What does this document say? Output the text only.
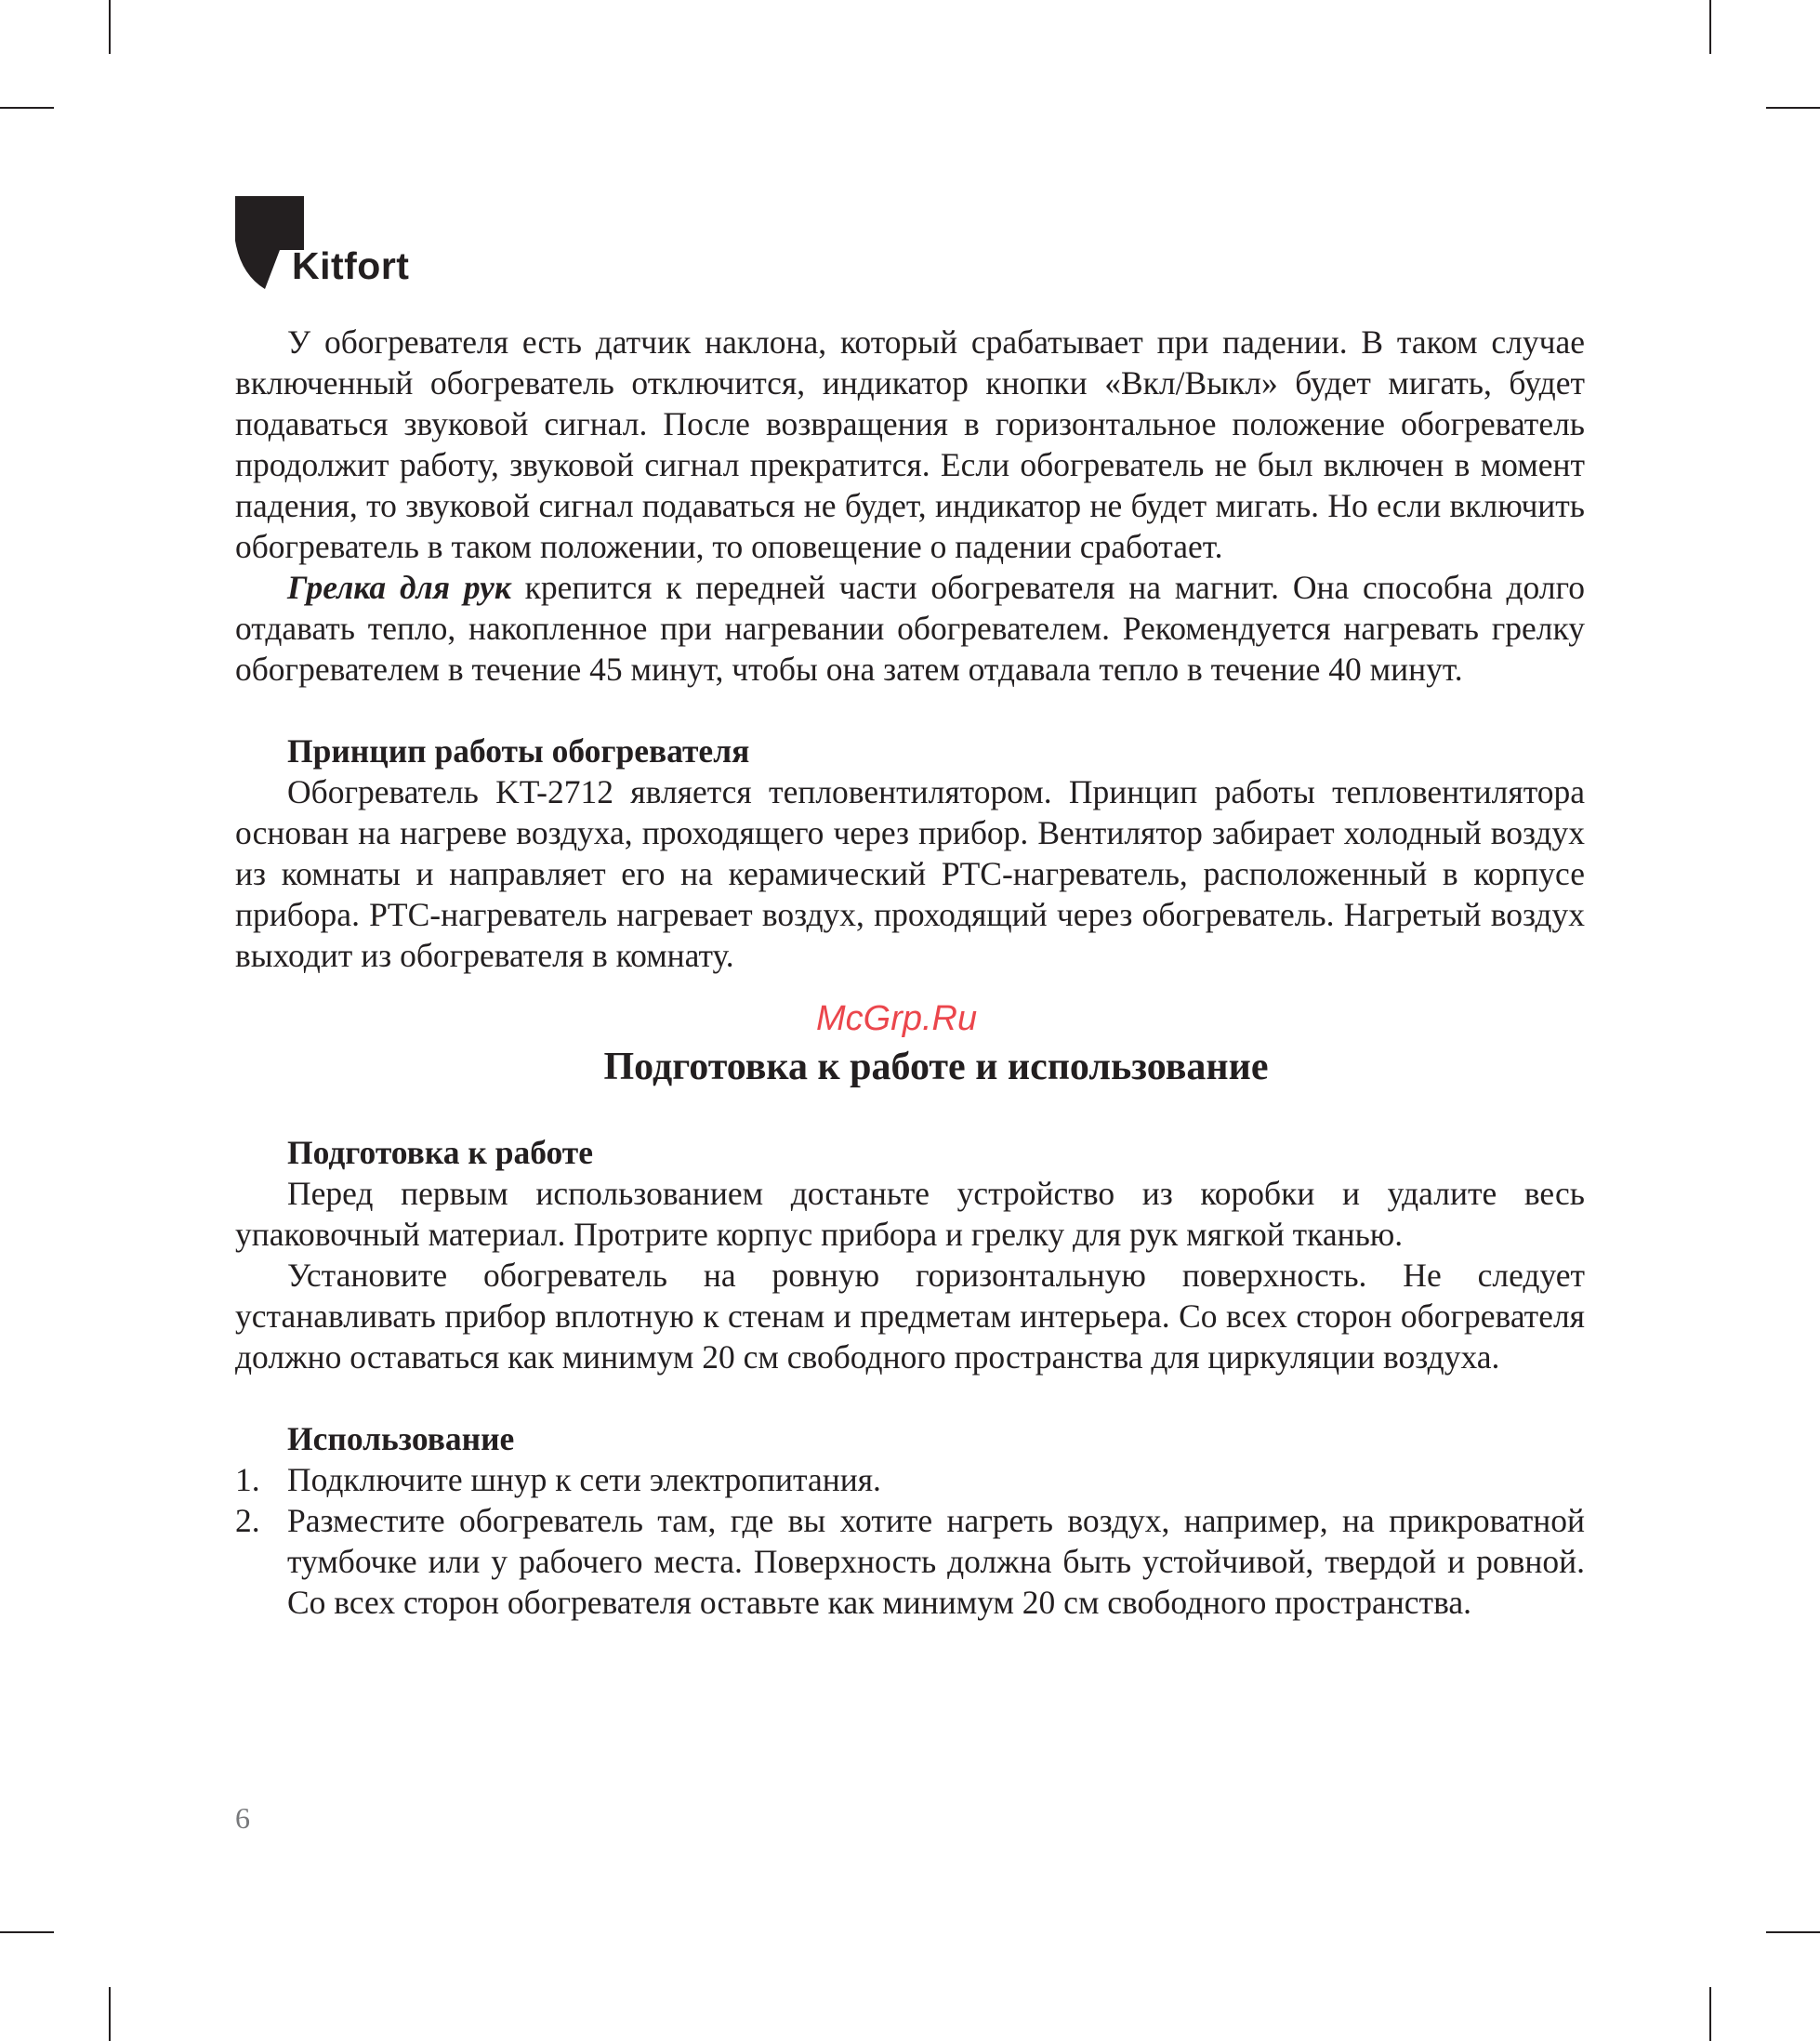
Kitfort

У обогревателя есть датчик наклона, который срабатывает при падении. В таком случае включенный обогреватель отключится, индикатор кнопки «Вкл/Выкл» будет мигать, будет подаваться звуковой сигнал. После возвращения в горизонтальное положение обогреватель продолжит работу, звуковой сигнал прекратится. Если обогреватель не был включен в момент падения, то звуковой сигнал подаваться не будет, индикатор не будет мигать. Но если включить обогреватель в таком положении, то оповещение о падении сработает.

Грелка для рук крепится к передней части обогревателя на магнит. Она способна долго отдавать тепло, накопленное при нагревании обогревателем. Рекомендуется нагревать грелку обогревателем в течение 45 минут, чтобы она затем отдавала тепло в течение 40 минут.

Принцип работы обогревателя

Обогреватель KT-2712 является тепловентилятором. Принцип работы тепловентилятора основан на нагреве воздуха, проходящего через прибор. Вентилятор забирает холодный воздух из комнаты и направляет его на керамический PTC-нагреватель, расположенный в корпусе прибора. PTC-нагреватель нагревает воздух, проходящий через обогреватель. Нагретый воздух выходит из обогревателя в комнату.

Подготовка к работе и использование
Подготовка к работе

Перед первым использованием достаньте устройство из коробки и удалите весь упаковочный материал. Протрите корпус прибора и грелку для рук мягкой тканью.

Установите обогреватель на ровную горизонтальную поверхность. Не следует устанавливать прибор вплотную к стенам и предметам интерьера. Со всех сторон обогревателя должно оставаться как минимум 20 см свободного пространства для циркуляции воздуха.

Использование
1. Подключите шнур к сети электропитания.
2. Разместите обогреватель там, где вы хотите нагреть воздух, например, на прикроватной тумбочке или у рабочего места. Поверхность должна быть устойчивой, твердой и ровной. Со всех сторон обогревателя оставьте как минимум 20 см свободного пространства.
McGrp.Ru
6
